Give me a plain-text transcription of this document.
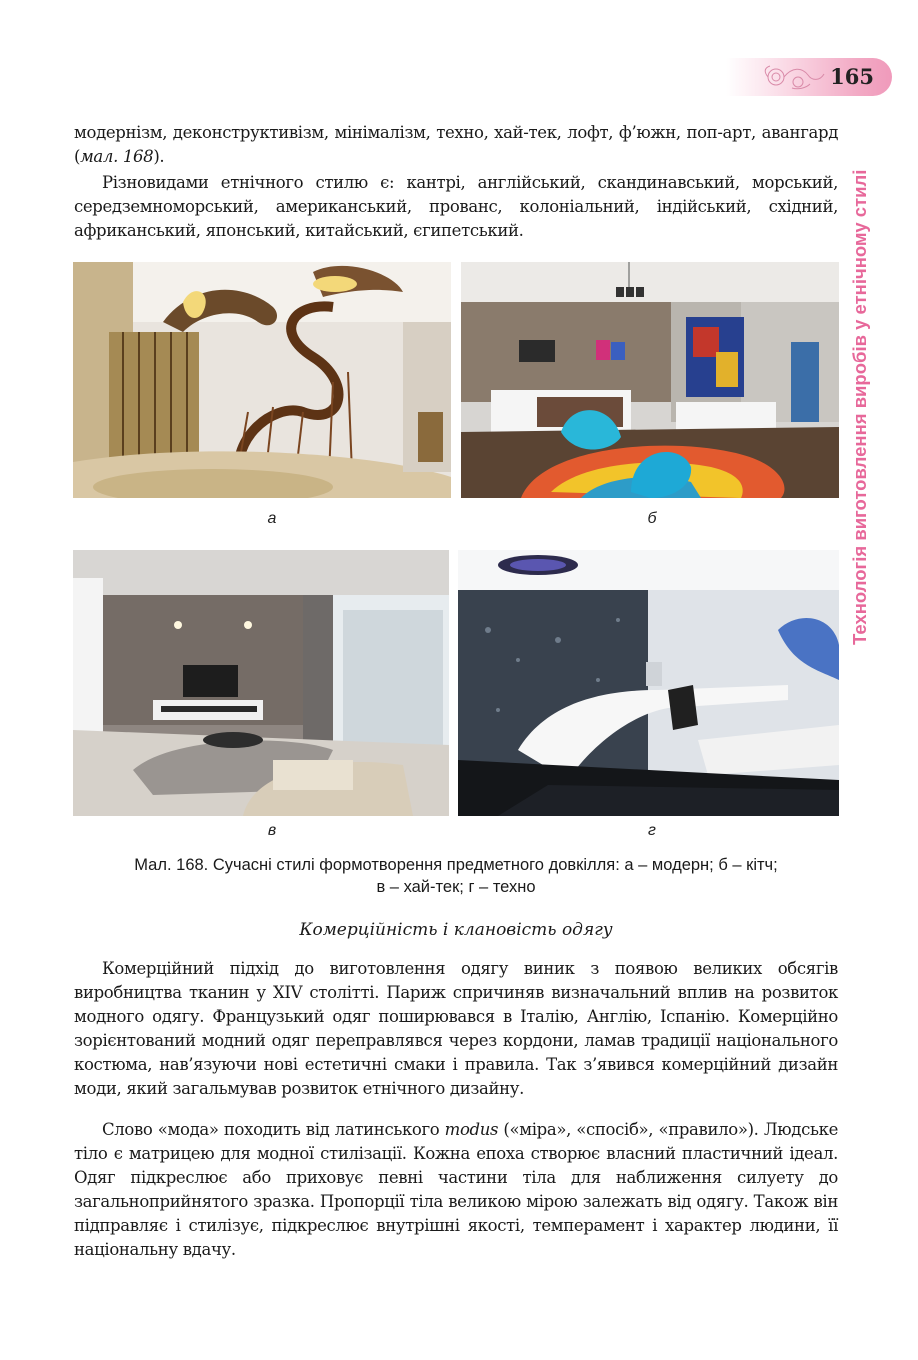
165
Технологія виготовлення виробів у етнічному стилі

модернізм, деконструктивізм, мінімалізм, техно, хай-тек, лофт, ф’южн, поп-арт, авангард (мал. 168).

Різновидами етнічного стилю є: кантрі, англійський, скандинавський, морський, середземноморський, американський, прованс, колоніальний, індійський, східний, африканський, японський, китайський, єгипетський.

а	б
в	г

Мал. 168. Сучасні стилі формотворення предметного довкілля: а – модерн; б – кітч;

в – хай-тек; г – техно

Комерційність і клановість одягу

Комерційний підхід до виготовлення одягу виник з появою великих обсягів виробництва тканин у XIV столітті. Париж спричиняв визначальний вплив на розвиток модного одягу. Французький одяг поширювався в Італію, Англію, Іспанію. Комерційно зорієнтований модний одяг переправлявся через кордони, ламав традиції національного костюма, нав’язуючи нові естетичні смаки і правила. Так з’явився комерційний дизайн моди, який загальмував розвиток етнічного дизайну.

Слово «мода» походить від латинського modus («міра», «спосіб», «правило»). Людське тіло є матрицею для модної стилізації. Кожна епоха створює власний пластичний ідеал. Одяг підкреслює або приховує певні частини тіла для наближення силуету до загальноприйнятого зразка. Пропорції тіла великою мірою залежать від одягу. Також він підправляє і стилізує, підкреслює внутрішні якості, темперамент і характер людини, її національну вдачу.
